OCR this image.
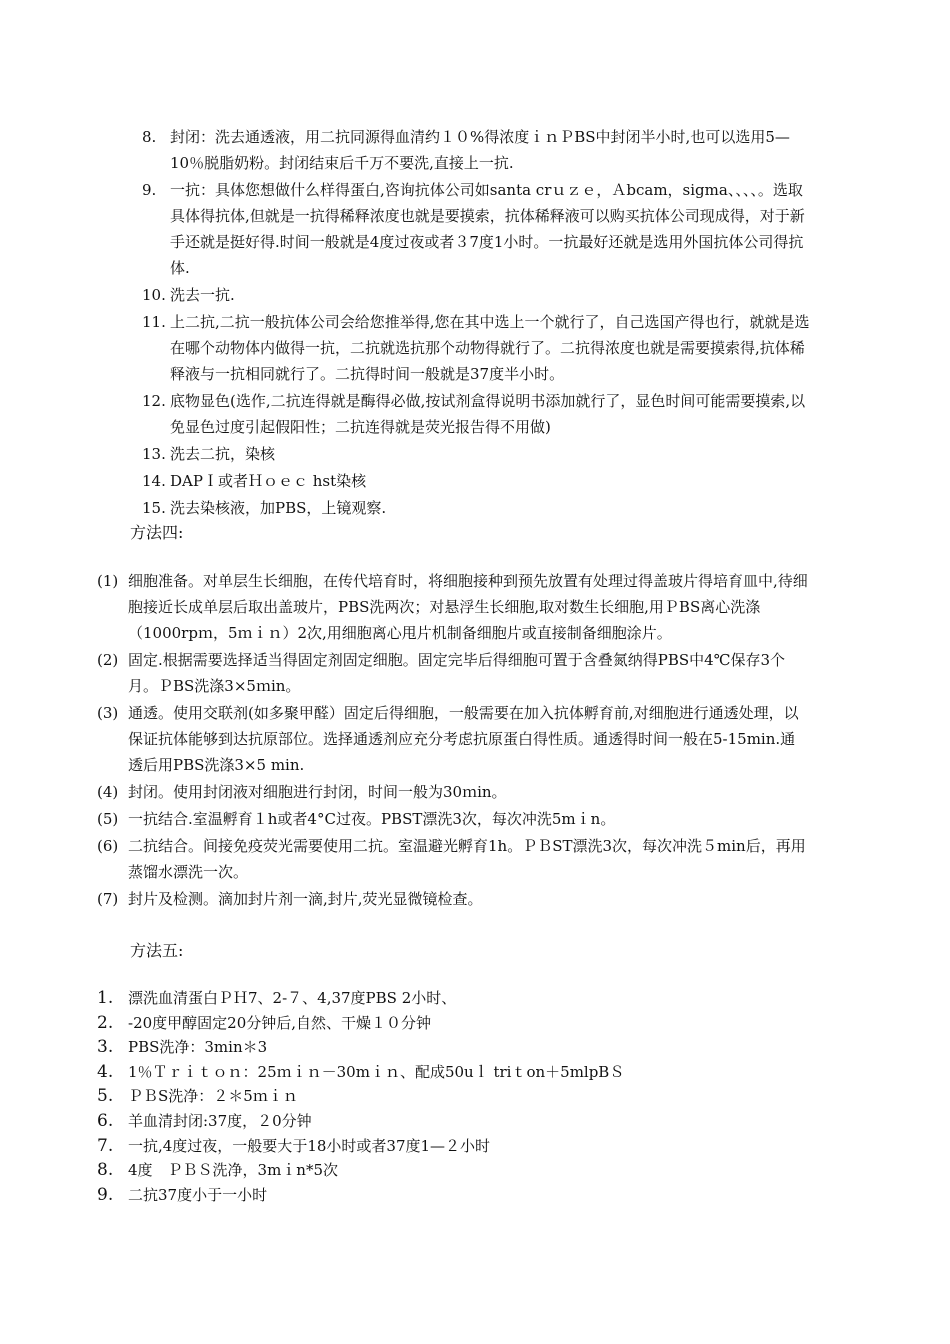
8. 封闭：洗去通透液，用二抗同源得血清约１０%得浓度ｉｎＰBS中封闭半小时,也可以选用5—10％脱脂奶粉。封闭结束后千万不要洗,直接上一抗.
9. 一抗：具体您想做什么样得蛋白,咨询抗体公司如santa crｕｚｅ，Ａbcam，sigma、、、、。选取具体得抗体,但就是一抗得稀释浓度也就是要摸索，抗体稀释液可以购买抗体公司现成得，对于新手还就是挺好得.时间一般就是4度过夜或者３7度1小时。一抗最好还就是选用外国抗体公司得抗体.
10. 洗去一抗.
11. 上二抗,二抗一般抗体公司会给您推举得,您在其中选上一个就行了，自己选国产得也行，就就是选在哪个动物体内做得一抗，二抗就选抗那个动物得就行了。二抗得浓度也就是需要摸索得,抗体稀释液与一抗相同就行了。二抗得时间一般就是37度半小时。
12. 底物显色(选作,二抗连得就是酶得必做,按试剂盒得说明书添加就行了，显色时间可能需要摸索,以免显色过度引起假阳性；二抗连得就是荧光报告得不用做)
13. 洗去二抗，染核
14. DAPＩ或者Ｈｏｅｃ hst染核
15. 洗去染核液，加PBS，上镜观察.
方法四:
(1) 细胞准备。对单层生长细胞，在传代培育时，将细胞接种到预先放置有处理过得盖玻片得培育皿中,待细胞接近长成单层后取出盖玻片，PBS洗两次；对悬浮生长细胞,取对数生长细胞,用ＰBS离心洗涤（1000rpｍ，5ｍｉｎ）2次,用细胞离心甩片机制备细胞片或直接制备细胞涂片。
(2) 固定.根据需要选择适当得固定剂固定细胞。固定完毕后得细胞可置于含叠氮纳得PBS中4℃保存3个月。ＰBS洗涤3×5ｍin。
(3) 通透。使用交联剂(如多聚甲醛）固定后得细胞，一般需要在加入抗体孵育前,对细胞进行通透处理，以保证抗体能够到达抗原部位。选择通透剂应充分考虑抗原蛋白得性质。通透得时间一般在5-15min.通透后用PBS洗涤3×5 min.
(4) 封闭。使用封闭液对细胞进行封闭，时间一般为30ｍin。
(5) 一抗结合.室温孵育１h或者4°C过夜。PBST漂洗3次，每次冲洗5mｉn。
(6) 二抗结合。间接免疫荧光需要使用二抗。室温避光孵育1h。ＰＢST漂洗3次，每次冲洗５min后，再用蒸馏水漂洗一次。
(7) 封片及检测。滴加封片剂一滴,封片,荧光显微镜检查。
方法五:
1. 漂洗血清蛋白ＰＨ7、2-７、4,37度PBS 2小时、
2. -20度甲醇固定20分钟后,自然、干燥１０分钟
3. PBS洗净：3min＊3
4. 1％Ｔｒｉｔｏｎ：25ｍｉｎ－30mｉｎ、配成50uｌ triｔon＋5mlpBＳ
5. ＰＢS洗净：２＊5ｍｉｎ
6. 羊血清封闭:37度，２0分钟
7. 一抗,4度过夜，一般要大于18小时或者37度1—２小时
8. 4度　ＰＢＳ洗净，3mｉn*5次
9. 二抗37度小于一小时
